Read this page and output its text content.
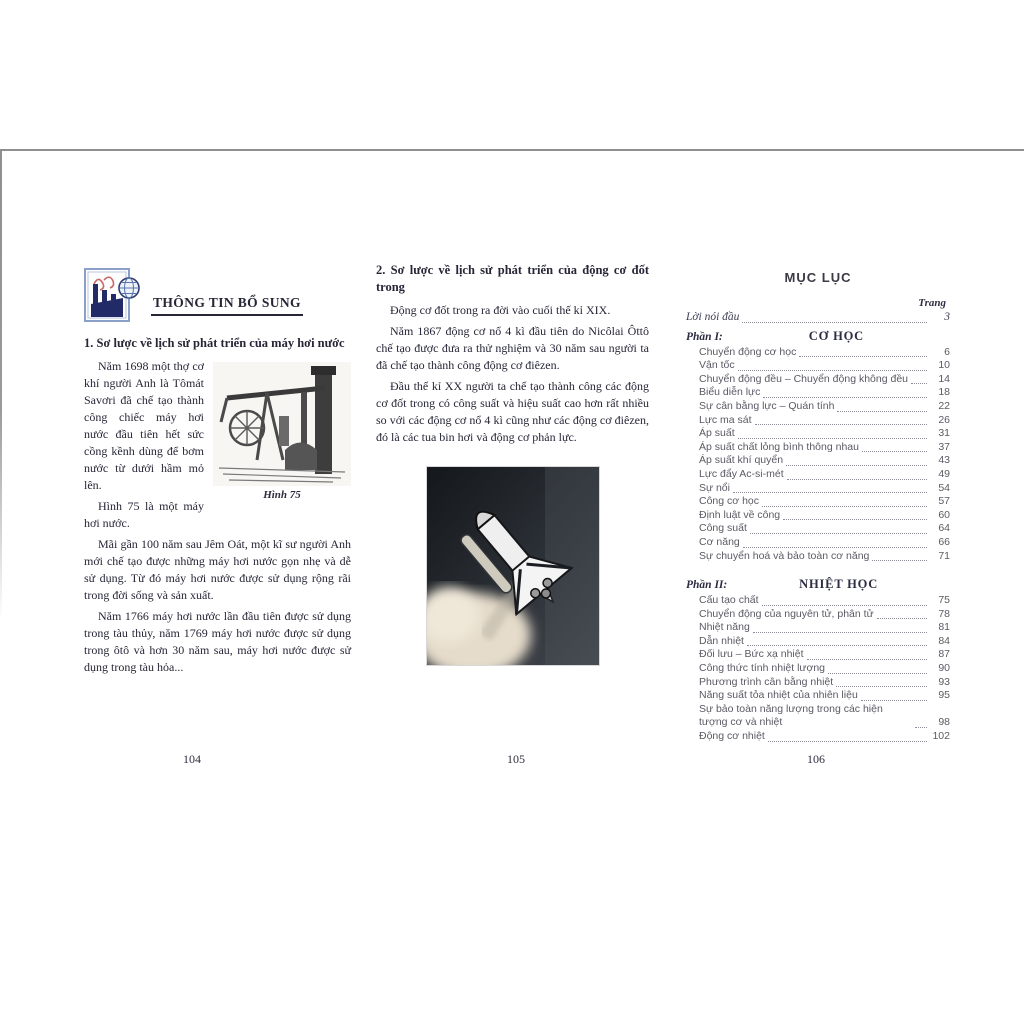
THÔNG TIN BỔ SUNG
1. Sơ lược về lịch sử phát triển của máy hơi nước

Hình 75
Năm 1698 một thợ cơ khí người Anh là Tômát Savơri đã chế tạo thành công chiếc máy hơi nước đầu tiên hết sức cồng kềnh dùng để bơm nước từ dưới hầm mỏ lên.

Hình 75 là một máy hơi nước.

Mãi gần 100 năm sau Jêm Oát, một kĩ sư người Anh mới chế tạo được những máy hơi nước gọn nhẹ và dễ sử dụng. Từ đó máy hơi nước được sử dụng rộng rãi trong đời sống và sản xuất.

Năm 1766 máy hơi nước lần đầu tiên được sử dụng trong tàu thủy, năm 1769 máy hơi nước được sử dụng trong ôtô và hơn 30 năm sau, máy hơi nước được sử dụng trong tàu hỏa...

2. Sơ lược về lịch sử phát triển của động cơ đốt trong

Động cơ đốt trong ra đời vào cuối thế kỉ XIX.

Năm 1867 động cơ nổ 4 kì đầu tiên do Nicôlai Ôttô chế tạo được đưa ra thử nghiệm và 30 năm sau người ta đã chế tạo thành công động cơ điêzen.

Đầu thế kỉ XX người ta chế tạo thành công các động cơ đốt trong có công suất và hiệu suất cao hơn rất nhiều so với các động cơ nổ 4 kì cũng như các động cơ điêzen, đó là các tua bin hơi và động cơ phản lực.

MỤC LỤC
Trang
Lời nói đầu	3
Phần I:	CƠ HỌC
Chuyển động cơ học	6
Vận tốc	10
Chuyển động đều – Chuyển động không đều	14
Biểu diễn lực	18
Sự cân bằng lực – Quán tính	22
Lực ma sát	26
Áp suất	31
Áp suất chất lỏng bình thông nhau	37
Áp suất khí quyển	43
Lực đẩy Ac-si-mét	49
Sự nổi	54
Công cơ học	57
Định luật về công	60
Công suất	64
Cơ năng	66
Sự chuyển hoá và bảo toàn cơ năng	71
Phần II:	NHIỆT HỌC
Cấu tạo chất	75
Chuyển động của nguyên tử, phân tử	78
Nhiệt năng	81
Dẫn nhiệt	84
Đối lưu – Bức xạ nhiệt	87
Công thức tính nhiệt lượng	90
Phương trình cân bằng nhiệt	93
Năng suất tỏa nhiệt của nhiên liệu	95
Sự bảo toàn năng lượng trong các hiện tượng cơ và nhiệt	98
Động cơ nhiệt	102
104	105	106
